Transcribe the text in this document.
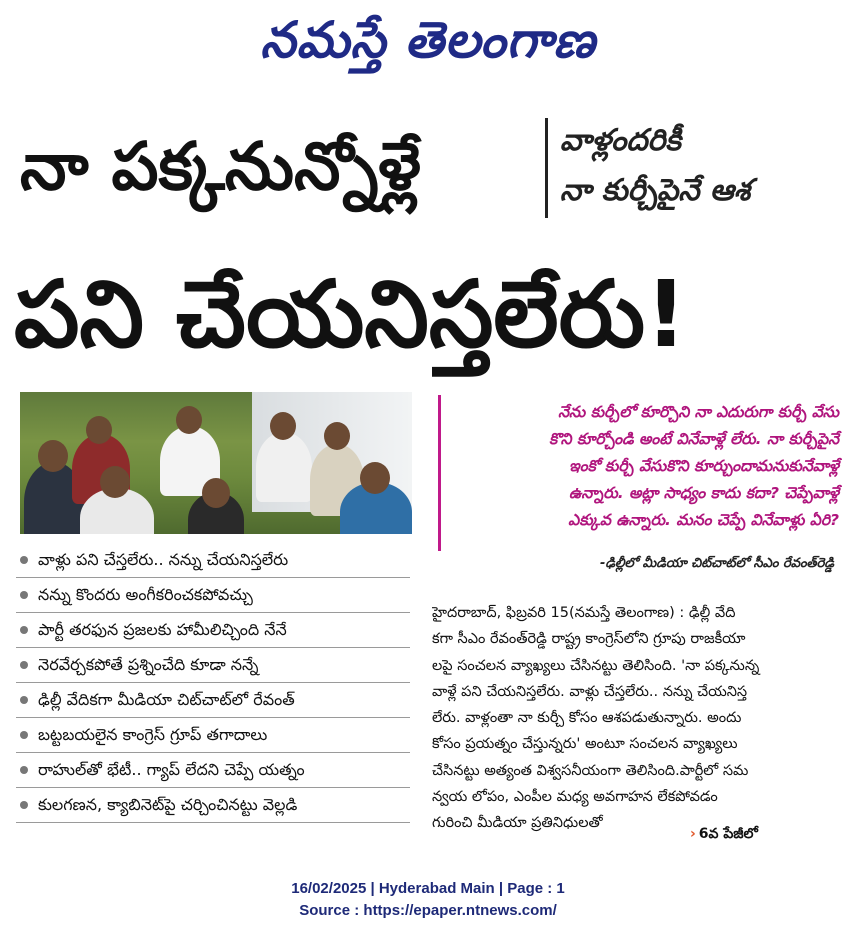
నమస్తే తెలంగాణ
నా పక్కనున్నోళ్లే	వాళ్లందరికీ
నా కుర్చీపైనే ఆశ
పని చేయనిస్తలేరు!
నేను కుర్చీలో కూర్చొని నా ఎదురుగా కుర్చీ వేసు
కొని కూర్చోండి అంటే వినేవాళ్లే లేరు. నా కుర్చీపైనే
ఇంకో కుర్చీ వేసుకొని కూర్చుందామనుకునేవాళ్లే
ఉన్నారు. అట్లా సాధ్యం కాదు కదా? చెప్పేవాళ్లే
ఎక్కువ ఉన్నారు. మనం చెప్పే వినేవాళ్లు ఏరి?
-ఢిల్లీలో మీడియా చిట్‌చాట్‌లో సీఎం రేవంత్‌రెడ్డి
వాళ్లు పని చేస్తలేరు.. నన్ను చేయనిస్తలేరు
నన్ను కొందరు అంగీకరించకపోవచ్చు
పార్టీ తరఫున ప్రజలకు హామీలిచ్చింది నేనే
నెరవేర్చకపోతే ప్రశ్నించేది కూడా నన్నే
ఢిల్లీ వేదికగా మీడియా చిట్‌చాట్‌లో రేవంత్
బట్టబయలైన కాంగ్రెస్ గ్రూప్ తగాదాలు
రాహుల్‌తో భేటీ.. గ్యాప్ లేదని చెప్పే యత్నం
కులగణన, క్యాబినెట్‌పై చర్చించినట్టు వెల్లడి
హైదరాబాద్, ఫిబ్రవరి 15(నమస్తే తెలంగాణ) : ఢిల్లీ వేది
కగా సీఎం రేవంత్‌రెడ్డి రాష్ట్ర కాంగ్రెస్‌లోని గ్రూపు రాజకీయా
లపై సంచలన వ్యాఖ్యలు చేసినట్టు తెలిసింది. 'నా పక్కనున్న
వాళ్లే పని చేయనిస్తలేరు. వాళ్లు చేస్తలేరు.. నన్ను చేయనిస్త
లేరు. వాళ్లంతా నా కుర్చీ కోసం ఆశపడుతున్నారు. అందు
కోసం ప్రయత్నం చేస్తున్నరు' అంటూ సంచలన వ్యాఖ్యలు
చేసినట్టు అత్యంత విశ్వసనీయంగా తెలిసింది.పార్టీలో సమ
న్వయ లోపం, ఎంపీల మధ్య అవగాహన లేకపోవడం
గురించి మీడియా ప్రతినిధులతో
› 6వ పేజీలో
16/02/2025 | Hyderabad Main | Page : 1
Source : https://epaper.ntnews.com/
